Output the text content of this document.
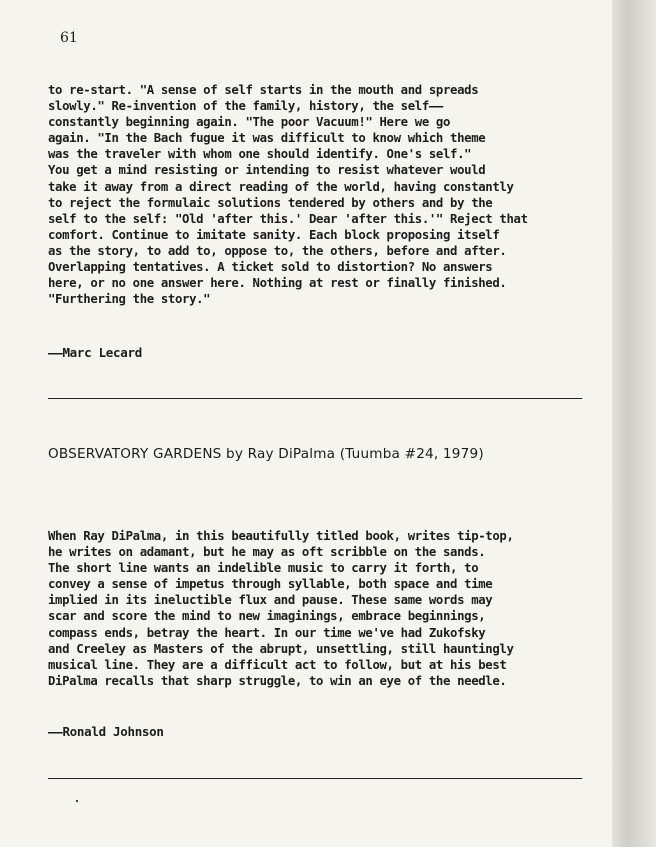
61

to re-start. "A sense of self starts in the mouth and spreads

slowly." Re-invention of the family, history, the self——

constantly beginning again. "The poor Vacuum!" Here we go

again. "In the Bach fugue it was difficult to know which theme

was the traveler with whom one should identify. One's self."

You get a mind resisting or intending to resist whatever would

take it away from a direct reading of the world, having constantly

to reject the formulaic solutions tendered by others and by the

self to the self: "Old 'after this.' Dear 'after this.'" Reject that

comfort. Continue to imitate sanity. Each block proposing itself

as the story, to add to, oppose to, the others, before and after.

Overlapping tentatives. A ticket sold to distortion? No answers

here, or no one answer here. Nothing at rest or finally finished.

"Furthering the story."

——Marc Lecard
OBSERVATORY GARDENS by Ray DiPalma (Tuumba #24, 1979)

When Ray DiPalma, in this beautifully titled book, writes tip-top,

he writes on adamant, but he may as oft scribble on the sands.

The short line wants an indelible music to carry it forth, to

convey a sense of impetus through syllable, both space and time

implied in its ineluctible flux and pause. These same words may

scar and score the mind to new imaginings, embrace beginnings,

compass ends, betray the heart. In our time we've had Zukofsky

and Creeley as Masters of the abrupt, unsettling, still hauntingly

musical line. They are a difficult act to follow, but at his best

DiPalma recalls that sharp struggle, to win an eye of the needle.

——Ronald Johnson
